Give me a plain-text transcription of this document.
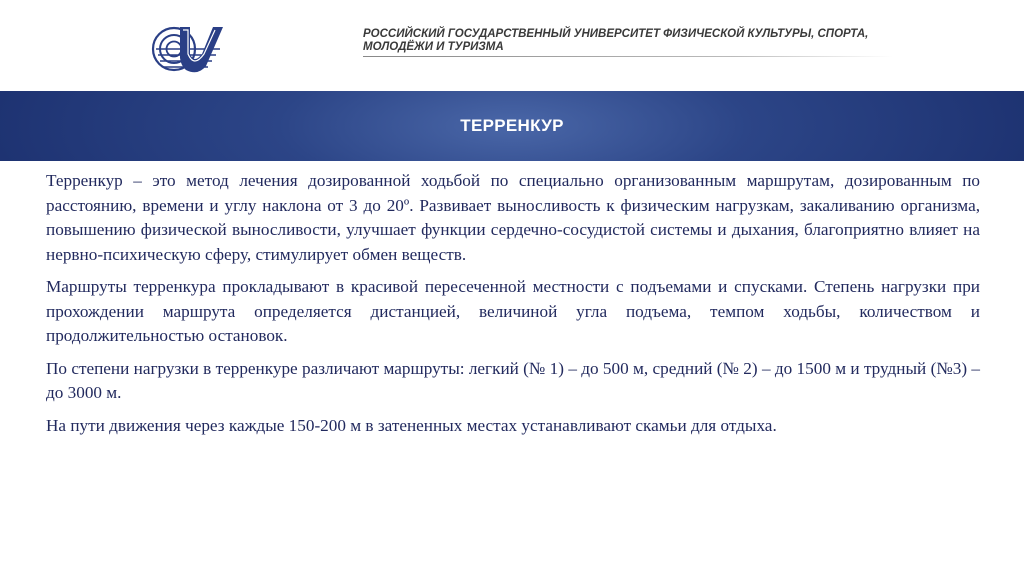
РОССИЙСКИЙ ГОСУДАРСТВЕННЫЙ УНИВЕРСИТЕТ ФИЗИЧЕСКОЙ КУЛЬТУРЫ, СПОРТА, МОЛОДЁЖИ И ТУРИЗМА

ТЕРРЕНКУР

Терренкур – это метод лечения дозированной ходьбой по специально организованным маршрутам, дозированным по расстоянию, времени и углу наклона от 3 до 20º. Развивает выносливость к физическим нагрузкам, закаливанию организма, повышению физической выносливости, улучшает функции сердечно-сосудистой системы и дыхания, благоприятно влияет на нервно-психическую сферу, стимулирует обмен веществ.

Маршруты терренкура прокладывают в красивой пересеченной местности с подъемами и спусками. Степень нагрузки при прохождении маршрута определяется дистанцией, величиной угла подъема, темпом ходьбы, количеством и продолжительностью остановок.

По степени нагрузки в терренкуре различают маршруты: легкий (№ 1) – до 500 м, средний (№ 2) – до 1500 м и трудный (№3) – до 3000 м.

На пути движения через каждые 150-200 м в затененных местах устанавливают скамьи для отдыха.
